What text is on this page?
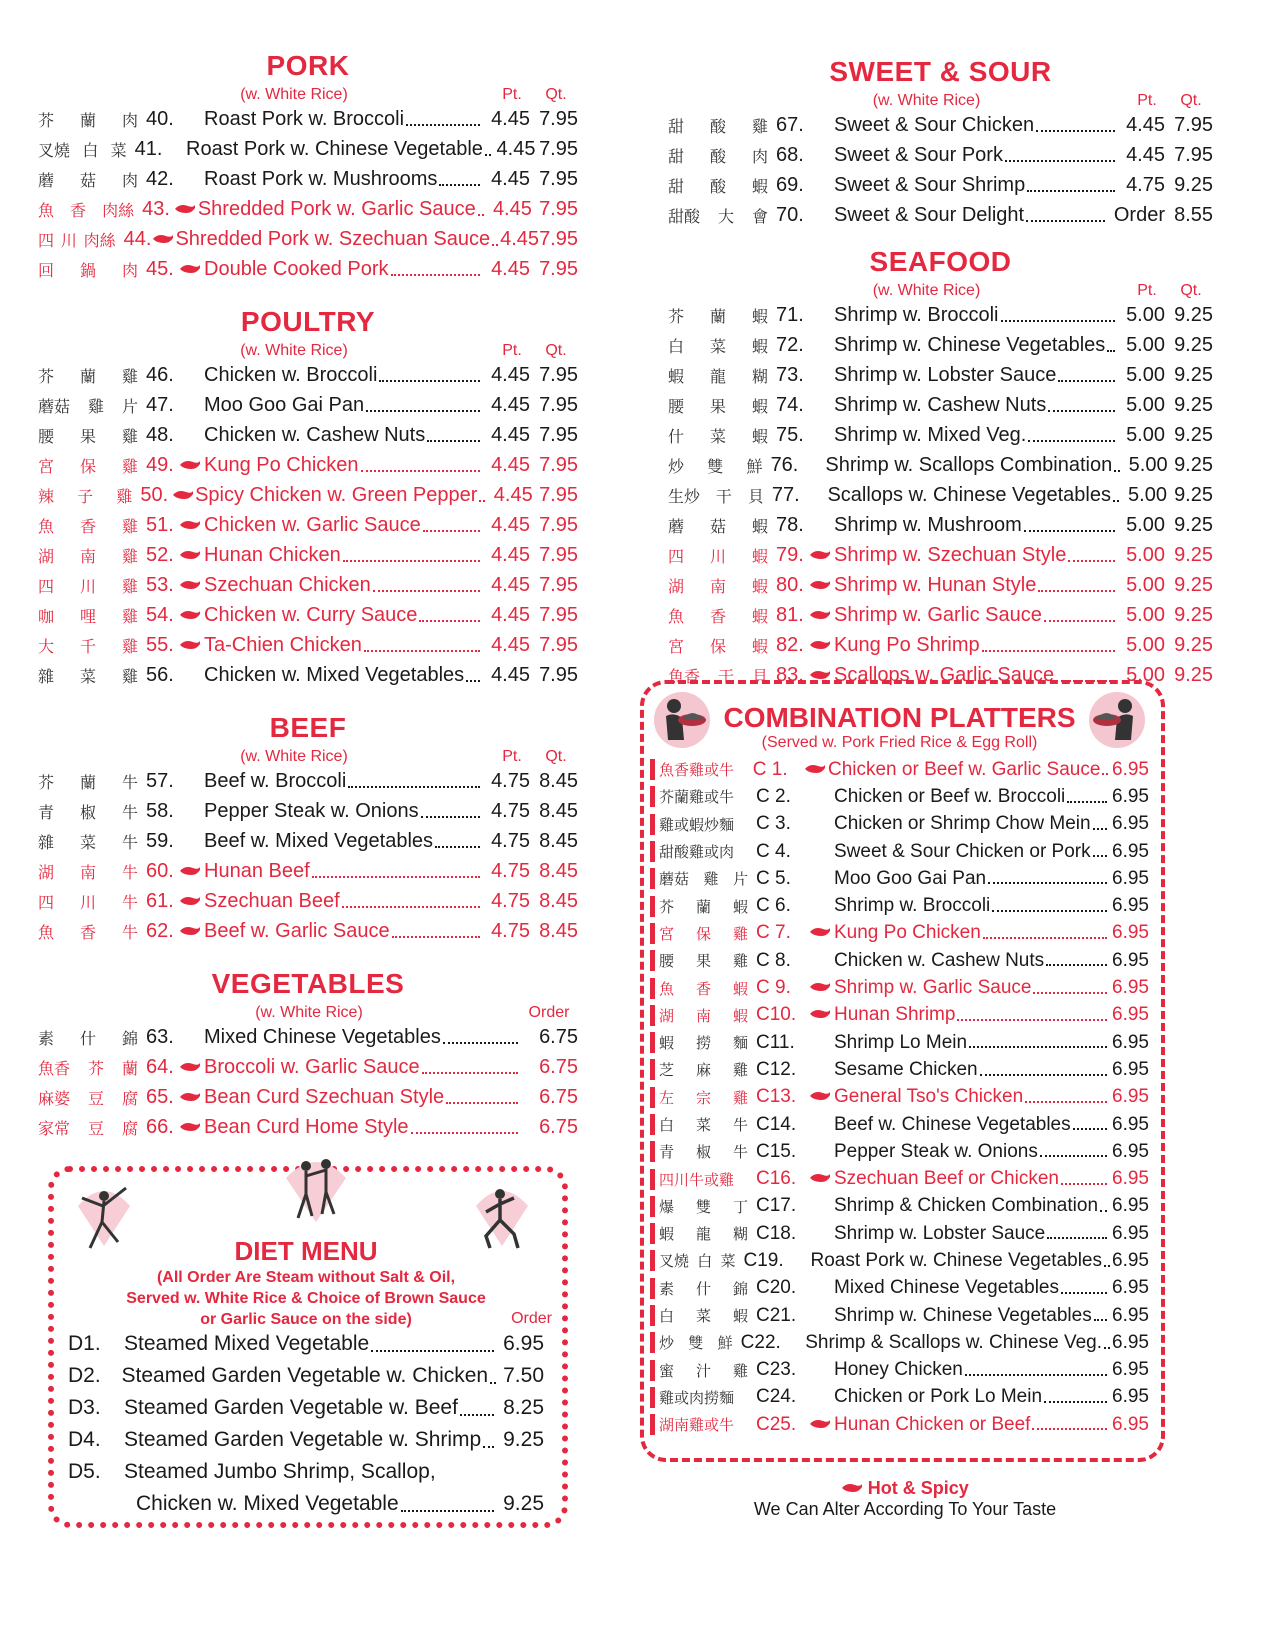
PORK
(w. White Rice)	Pt.	Qt.
芥 蘭 肉 40. Roast Pork w. Broccoli	4.45 7.95
叉燒 白 菜 41. Roast Pork w. Chinese Vegetable 4.45 7.95
蘑 菇 肉 42. Roast Pork w. Mushrooms	4.45 7.95
魚 香 肉絲 43. Shredded Pork w. Garlic Sauce 4.45 7.95
四 川 肉絲 44. Shredded Pork w. Szechuan Sauce 4.45 7.95
回 鍋 肉 45. Double Cooked Pork	4.45 7.95
POULTRY
(w. White Rice)	Pt.	Qt.
芥 蘭 雞 46. Chicken w. Broccoli	4.45 7.95
蘑菇 雞 片 47. Moo Goo Gai Pan	4.45 7.95
腰 果 雞 48. Chicken w. Cashew Nuts	4.45 7.95
宮 保 雞 49. Kung Po Chicken	4.45 7.95
辣 子 雞 50. Spicy Chicken w. Green Pepper 4.45 7.95
魚 香 雞 51. Chicken w. Garlic Sauce	4.45 7.95
湖 南 雞 52. Hunan Chicken	4.45 7.95
四 川 雞 53. Szechuan Chicken	4.45 7.95
咖 哩 雞 54. Chicken w. Curry Sauce	4.45 7.95
大 千 雞 55. Ta-Chien Chicken	4.45 7.95
雜 菜 雞 56. Chicken w. Mixed Vegetables	4.45 7.95
BEEF
(w. White Rice)	Pt.	Qt.
芥 蘭 牛 57. Beef w. Broccoli	4.75 8.45
青 椒 牛 58. Pepper Steak w. Onions	4.75 8.45
雜 菜 牛 59. Beef w. Mixed Vegetables	4.75 8.45
湖 南 牛 60. Hunan Beef	4.75 8.45
四 川 牛 61. Szechuan Beef	4.75 8.45
魚 香 牛 62. Beef w. Garlic Sauce	4.75 8.45
VEGETABLES
(w. White Rice)	Order
素 什 錦 63. Mixed Chinese Vegetables	6.75
魚香 芥 蘭 64. Broccoli w. Garlic Sauce	6.75
麻婆 豆 腐 65. Bean Curd Szechuan Style	6.75
家常 豆 腐 66. Bean Curd Home Style	6.75
SWEET & SOUR
(w. White Rice)	Pt.	Qt.
甜 酸 雞 67. Sweet & Sour Chicken	4.45 7.95
甜 酸 肉 68. Sweet & Sour Pork	4.45 7.95
甜 酸 蝦 69. Sweet & Sour Shrimp	4.75 9.25
甜酸 大 會 70. Sweet & Sour Delight	Order 8.55
SEAFOOD
(w. White Rice)	Pt.	Qt.
芥 蘭 蝦 71. Shrimp w. Broccoli	5.00 9.25
白 菜 蝦 72. Shrimp w. Chinese Vegetables	5.00 9.25
蝦 龍 糊 73. Shrimp w. Lobster Sauce	5.00 9.25
腰 果 蝦 74. Shrimp w. Cashew Nuts	5.00 9.25
什 菜 蝦 75. Shrimp w. Mixed Veg.	5.00 9.25
炒 雙 鮮 76. Shrimp w. Scallops Combination 5.00 9.25
生炒 干 貝 77. Scallops w. Chinese Vegetables 5.00 9.25
蘑 菇 蝦 78. Shrimp w. Mushroom	5.00 9.25
四 川 蝦 79. Shrimp w. Szechuan Style	5.00 9.25
湖 南 蝦 80. Shrimp w. Hunan Style	5.00 9.25
魚 香 蝦 81. Shrimp w. Garlic Sauce	5.00 9.25
宮 保 蝦 82. Kung Po Shrimp	5.00 9.25
魚香 干 貝 83. Scallops w. Garlic Sauce	5.00 9.25
COMBINATION PLATTERS
(Served w. Pork Fried Rice & Egg Roll)
魚香雞或牛 C 1.	Chicken or Beef w. Garlic Sauce 6.95
芥蘭雞或牛 C 2.	Chicken or Beef w. Broccoli 6.95
雞或蝦炒麵 C 3.	Chicken or Shrimp Chow Mein 6.95
甜酸雞或肉 C 4.	Sweet & Sour Chicken or Pork 6.95
蘑菇 雞 片 C 5.	Moo Goo Gai Pan	6.95
芥 蘭 蝦 C 6.	Shrimp w. Broccoli	6.95
宮 保 雞 C 7.	Kung Po Chicken	6.95
腰 果 雞 C 8.	Chicken w. Cashew Nuts	6.95
魚 香 蝦 C 9.	Shrimp w. Garlic Sauce	6.95
湖 南 蝦 C10.	Hunan Shrimp	6.95
蝦 撈 麵 C11.	Shrimp Lo Mein	6.95
芝 麻 雞 C12.	Sesame Chicken	6.95
左 宗 雞 C13.	General Tso's Chicken	6.95
白 菜 牛 C14.	Beef w. Chinese Vegetables 6.95
青 椒 牛 C15.	Pepper Steak w. Onions	6.95
四川牛或雞 C16.	Szechuan Beef or Chicken	6.95
爆 雙 丁 C17.	Shrimp & Chicken Combination 6.95
蝦 龍 糊 C18.	Shrimp w. Lobster Sauce	6.95
叉燒 白 菜 C19. Roast Pork w. Chinese Vegetables 6.95
素 什 錦 C20.	Mixed Chinese Vegetables	6.95
白 菜 蝦 C21.	Shrimp w. Chinese Vegetables 6.95
炒 雙 鮮 C22. Shrimp & Scallops w. Chinese Veg. 6.95
蜜 汁 雞 C23.	Honey Chicken	6.95
雞或肉撈麵 C24.	Chicken or Pork Lo Mein	6.95
湖南雞或牛 C25.	Hunan Chicken or Beef	6.95
DIET MENU
(All Order Are Steam without Salt & Oil,
Served w. White Rice & Choice of Brown Sauce
or Garlic Sauce on the side)	Order
D1.	Steamed Mixed Vegetable	6.95
D2. Steamed Garden Vegetable w. Chicken 7.50
D3.	Steamed Garden Vegetable w. Beef	8.25
D4.	Steamed Garden Vegetable w. Shrimp	9.25
D5.	Steamed Jumbo Shrimp, Scallop,
Chicken w. Mixed Vegetable	9.25
Hot & Spicy
We Can Alter According To Your Taste
